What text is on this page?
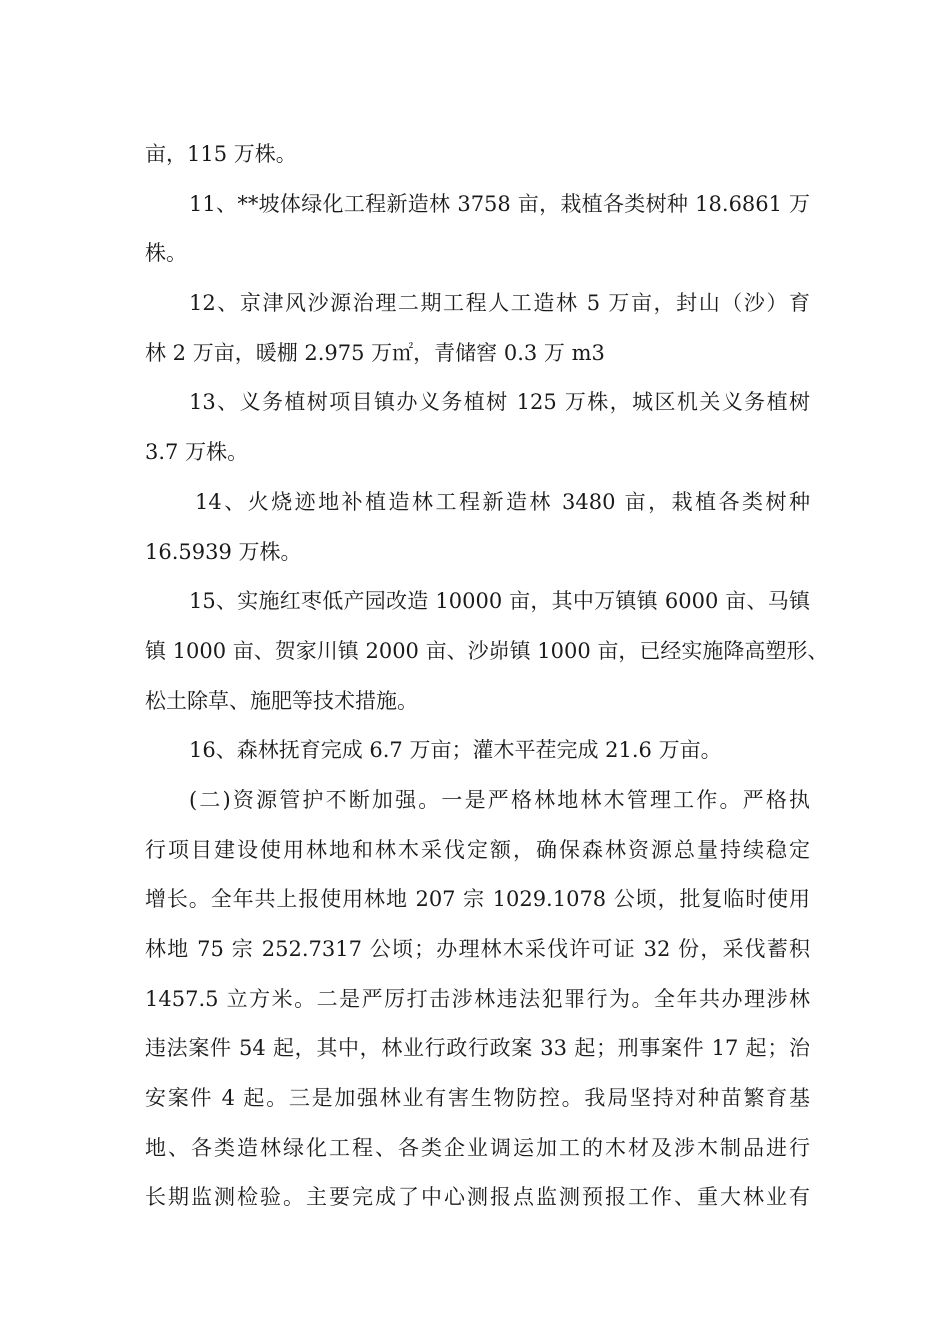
亩，115 万株。
11、**坡体绿化工程新造林 3758 亩，栽植各类树种 18.6861 万
株。
12、京津风沙源治理二期工程人工造林 5 万亩，封山（沙）育
林 2 万亩，暖棚 2.975 万㎡，青储窖 0.3 万 m3
13、义务植树项目镇办义务植树 125 万株，城区机关义务植树
3.7 万株。
14、火烧迹地补植造林工程新造林 3480 亩，栽植各类树种
16.5939 万株。
15、实施红枣低产园改造 10000 亩，其中万镇镇 6000 亩、马镇
镇 1000 亩、贺家川镇 2000 亩、沙峁镇 1000 亩，已经实施降高塑形、
松土除草、施肥等技术措施。
16、森林抚育完成 6.7 万亩；灌木平茬完成 21.6 万亩。
(二)资源管护不断加强。一是严格林地林木管理工作。严格执
行项目建设使用林地和林木采伐定额，确保森林资源总量持续稳定
增长。全年共上报使用林地 207 宗 1029.1078 公顷，批复临时使用
林地 75 宗 252.7317 公顷；办理林木采伐许可证 32 份，采伐蓄积
1457.5 立方米。二是严厉打击涉林违法犯罪行为。全年共办理涉林
违法案件 54 起，其中，林业行政行政案 33 起；刑事案件 17 起；治
安案件 4 起。三是加强林业有害生物防控。我局坚持对种苗繁育基
地、各类造林绿化工程、各类企业调运加工的木材及涉木制品进行
长期监测检验。主要完成了中心测报点监测预报工作、重大林业有
